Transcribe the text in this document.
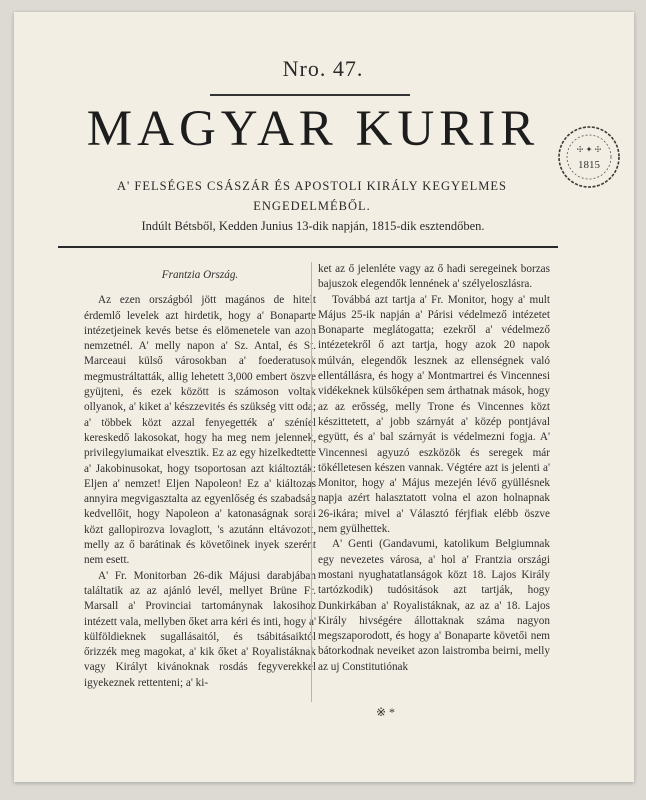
Nro. 47.
MAGYAR KURIR	☩ ✦ ☩
1815
A' FELSÉGES CSÁSZÁR ÉS APOSTOLI KIRÁLY KEGYELMES ENGEDELMÉBŐL.
Indúlt Bétsből, Kedden Junius 13-dik napján, 1815-dik esztendőben.

Frantzia Ország.

Az ezen országból jött magános de hitelt érdemlő levelek azt hirdetik, hogy a' Bonaparte intézetjeinek kevés betse és elömenetele van azon nemzetnél. A' melly napon a' Sz. Antal, és St. Marceaui külső városokban a' foederatusok megmustráltatták, allig lehetett 3,000 embert öszve gyüjteni, és ezek között is számoson voltak ollyanok, a' kiket a' készzevités és szükség vitt oda; a' többek közt azzal fenyegették a' széníel kereskedő lakosokat, hogy ha meg nem jelennek, privilegyiumaikat elvesztik. Ez az egy hizelkedtette a' Jakobinusokat, hogy tsoportosan azt kiáltozták: Eljen a' nemzet! Eljen Napoleon! Ez a' kiáltozas annyira megvigasztalta az egyenlőség és szabadság kedvellőit, hogy Napoleon a' katonaságnak sorai közt gallopirozva lovaglott, 's azutánn eltávozott, melly az ő barátinak és követőinek inyek szerént nem esett.

A' Fr. Monitorban 26-dik Májusi darabjában találtatik az az ajánló levél, mellyet Brüne Fr. Marsall a' Provinciai tartománynak lakosihoz intézett vala, mellyben őket arra kéri és inti, hogy a' külföldieknek sugallásaitól, és tsábitásaiktól őrizzék meg magokat, a' kik őket a' Royalistáknak vagy Királyt kivánoknak rosdás fegyverekkel igyekeznek rettenteni; a' ki-

ket az ő jelenléte vagy az ő hadi seregeinek borzas bajuszok elegendők lennének a' szélyeloszlásra.

Továbbá azt tartja a' Fr. Monitor, hogy a' mult Május 25-ik napján a' Párisi védelmező intézetet Bonaparte meglátogatta; ezekről a' védelmező intézetekről ő azt tartja, hogy azok 20 napok múlván, elegendők lesznek az ellenségnek való ellentállásra, és hogy a' Montmartrei és Vincennesi vidékeknek külsőképen sem árthatnak mások, hogy az az erősség, melly Trone és Vincennes közt készittetett, a' jobb szárnyát a' közép pontjával együtt, és a' bal szárnyát is védelmezni fogja. A' Vincennesi agyuzó eszközök és seregek már tökélletesen készen vannak. Végtére azt is jelenti a' Monitor, hogy a' Május mezején lévő gyüllésnek napja azért halasztatott volna el azon holnapnak 26-ikára; mivel a' Választó férjfiak elébb öszve nem gyülhettek.

A' Genti (Gandavumi, katolikum Belgiumnak egy nevezetes városa, a' hol a' Frantzia országi mostani nyughatatlanságok közt 18. Lajos Király tartózkodik) tudósitások azt tartják, hogy Dunkirkában a' Royalistáknak, az az a' 18. Lajos Király hivségére állottaknak száma nagyon megszaporodott, és hogy a' Bonaparte követői nem bátorkodnak neveiket azon laistromba beirni, melly az uj Constitutiónak

※ *
